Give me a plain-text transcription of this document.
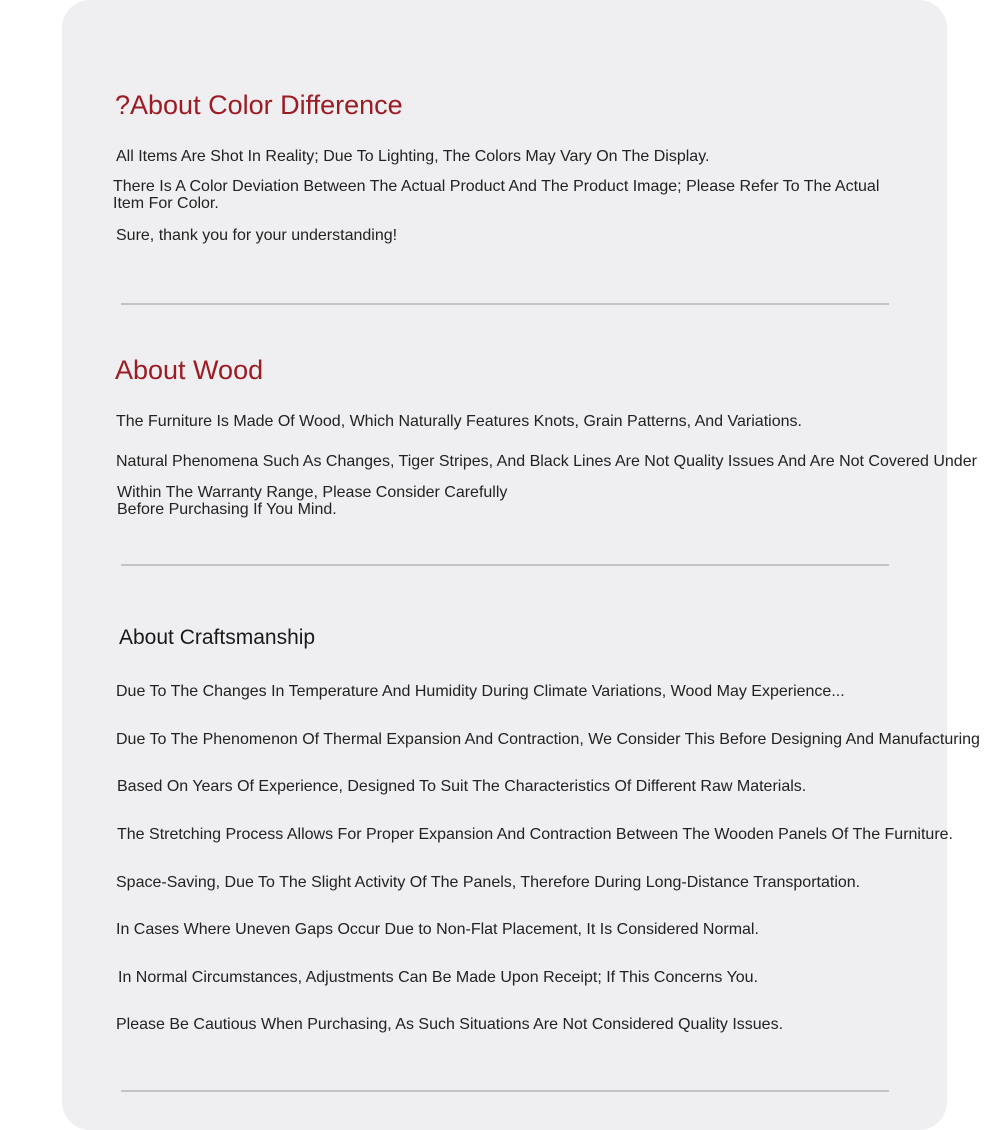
?About Color Difference

All Items Are Shot In Reality; Due To Lighting, The Colors May Vary On The Display.

There Is A Color Deviation Between The Actual Product And The Product Image; Please Refer To The Actual Item For Color.

Sure, thank you for your understanding!

About Wood

The Furniture Is Made Of Wood, Which Naturally Features Knots, Grain Patterns, And Variations.

Natural Phenomena Such As Changes, Tiger Stripes, And Black Lines Are Not Quality Issues And Are Not Covered Under

Within The Warranty Range, Please Consider Carefully Before Purchasing If You Mind.

About Craftsmanship

Due To The Changes In Temperature And Humidity During Climate Variations, Wood May Experience...

Due To The Phenomenon Of Thermal Expansion And Contraction, We Consider This Before Designing And Manufacturing

Based On Years Of Experience, Designed To Suit The Characteristics Of Different Raw Materials.

The Stretching Process Allows For Proper Expansion And Contraction Between The Wooden Panels Of The Furniture.

Space-Saving, Due To The Slight Activity Of The Panels, Therefore During Long-Distance Transportation.

In Cases Where Uneven Gaps Occur Due to Non-Flat Placement, It Is Considered Normal.

In Normal Circumstances, Adjustments Can Be Made Upon Receipt; If This Concerns You.

Please Be Cautious When Purchasing, As Such Situations Are Not Considered Quality Issues.
